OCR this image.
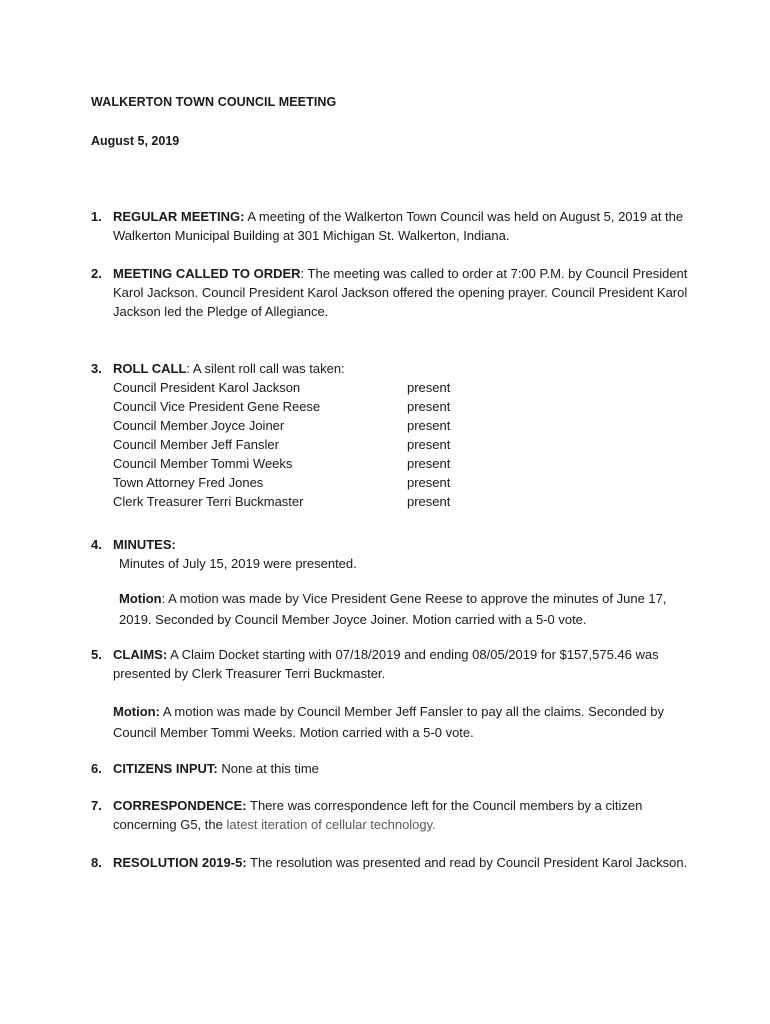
WALKERTON TOWN COUNCIL MEETING
August 5, 2019
1. REGULAR MEETING: A meeting of the Walkerton Town Council was held on August 5, 2019 at the Walkerton Municipal Building at 301 Michigan St. Walkerton, Indiana.
2. MEETING CALLED TO ORDER: The meeting was called to order at 7:00 P.M. by Council President Karol Jackson. Council President Karol Jackson offered the opening prayer. Council President Karol Jackson led the Pledge of Allegiance.
3. ROLL CALL: A silent roll call was taken:
Council President Karol Jackson	present
Council Vice President Gene Reese	present
Council Member Joyce Joiner	present
Council Member Jeff Fansler	present
Council Member Tommi Weeks	present
Town Attorney Fred Jones	present
Clerk Treasurer Terri Buckmaster	present
4. MINUTES:
Minutes of July 15, 2019 were presented.
Motion: A motion was made by Vice President Gene Reese to approve the minutes of June 17, 2019. Seconded by Council Member Joyce Joiner. Motion carried with a 5-0 vote.
5. CLAIMS: A Claim Docket starting with 07/18/2019 and ending 08/05/2019 for $157,575.46 was presented by Clerk Treasurer Terri Buckmaster.
Motion: A motion was made by Council Member Jeff Fansler to pay all the claims. Seconded by Council Member Tommi Weeks. Motion carried with a 5-0 vote.
6. CITIZENS INPUT: None at this time
7. CORRESPONDENCE: There was correspondence left for the Council members by a citizen concerning G5, the latest iteration of cellular technology.
8. RESOLUTION 2019-5: The resolution was presented and read by Council President Karol Jackson.
